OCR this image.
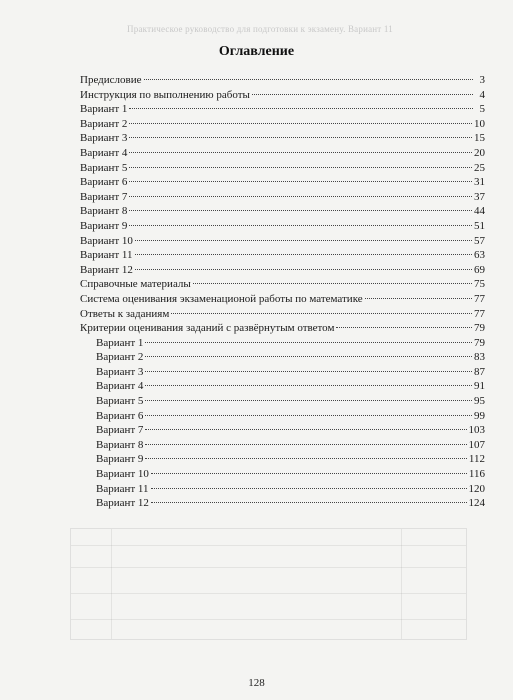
Практическое руководство для подготовки к экзамену. Вариант 11
Оглавление
Предисловие	3
Инструкция по выполнению работы	4
Вариант 1	5
Вариант 2	10
Вариант 3	15
Вариант 4	20
Вариант 5	25
Вариант 6	31
Вариант 7	37
Вариант 8	44
Вариант 9	51
Вариант 10	57
Вариант 11	63
Вариант 12	69
Справочные материалы	75
Система оценивания экзаменационой работы по математике	77
Ответы к заданиям	77
Критерии оценивания заданий с развёрнутым ответом	79
Вариант 1	79
Вариант 2	83
Вариант 3	87
Вариант 4	91
Вариант 5	95
Вариант 6	99
Вариант 7	103
Вариант 8	107
Вариант 9	112
Вариант 10	116
Вариант 11	120
Вариант 12	124
128
